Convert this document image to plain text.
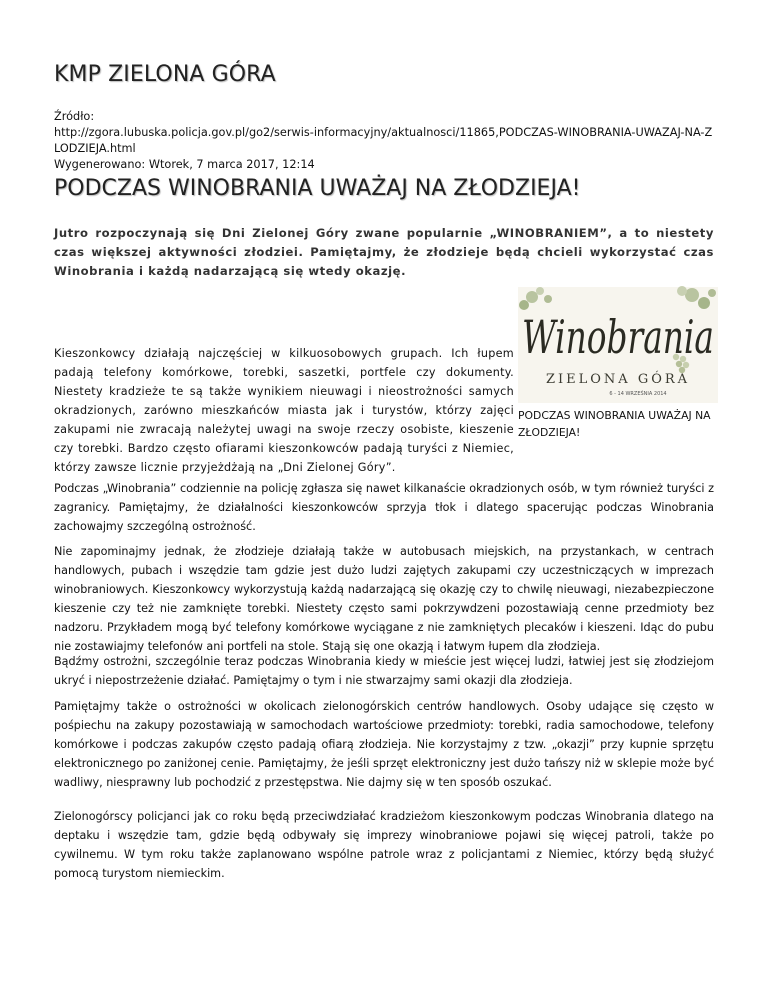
KMP ZIELONA GÓRA
Źródło:
http://zgora.lubuska.policja.gov.pl/go2/serwis-informacyjny/aktualnosci/11865,PODCZAS-WINOBRANIA-UWAZAJ-NA-ZLODZIEJA.html
Wygenerowano: Wtorek, 7 marca 2017, 12:14
PODCZAS WINOBRANIA UWAŻAJ NA ZŁODZIEJA!

Jutro rozpoczynają się Dni Zielonej Góry zwane popularnie „WINOBRANIEM”, a to niestety czas większej aktywności złodziei. Pamiętajmy, że złodzieje będą chcieli wykorzystać czas Winobrania i każdą nadarzającą się wtedy okazję.

Winobrania
ZIELONA GÓRA
6 - 14 WRZEŚNIA 2014
PODCZAS WINOBRANIA UWAŻAJ NA ZŁODZIEJA!

Kieszonkowcy działają najczęściej w kilkuosobowych grupach. Ich łupem padają telefony komórkowe, torebki, saszetki, portfele czy dokumenty. Niestety kradzieże te są także wynikiem nieuwagi i nieostrożności samych okradzionych, zarówno mieszkańców miasta jak i turystów, którzy zajęci zakupami nie zwracają należytej uwagi na swoje rzeczy osobiste, kieszenie czy torebki. Bardzo często ofiarami kieszonkowców padają turyści z Niemiec, którzy zawsze licznie przyjeżdżają na „Dni Zielonej Góry”.

Podczas „Winobrania” codziennie na policję zgłasza się nawet kilkanaście okradzionych osób, w tym również turyści z zagranicy. Pamiętajmy, że działalności kieszonkowców sprzyja tłok i dlatego spacerując podczas Winobrania zachowajmy szczególną ostrożność.

Nie zapominajmy jednak, że złodzieje działają także w autobusach miejskich, na przystankach, w centrach handlowych, pubach i wszędzie tam gdzie jest dużo ludzi zajętych zakupami czy uczestniczących w imprezach winobraniowych. Kieszonkowcy wykorzystują każdą nadarzającą się okazję czy to chwilę nieuwagi, niezabezpieczone kieszenie czy też nie zamknięte torebki. Niestety często sami pokrzywdzeni pozostawiają cenne przedmioty bez nadzoru. Przykładem mogą być telefony komórkowe wyciągane z nie zamkniętych plecaków i kieszeni. Idąc do pubu nie zostawiajmy telefonów ani portfeli na stole. Stają się one okazją i łatwym łupem dla złodzieja.

Bądźmy ostrożni, szczególnie teraz podczas Winobrania kiedy w mieście jest więcej ludzi, łatwiej jest się złodziejom ukryć i niepostrzeżenie działać. Pamiętajmy o tym i nie stwarzajmy sami okazji dla złodzieja.

Pamiętajmy także o ostrożności w okolicach zielonogórskich centrów handlowych. Osoby udające się często w pośpiechu na zakupy pozostawiają w samochodach wartościowe przedmioty: torebki, radia samochodowe, telefony komórkowe i podczas zakupów często padają ofiarą złodzieja. Nie korzystajmy z tzw. „okazji” przy kupnie sprzętu elektronicznego po zaniżonej cenie. Pamiętajmy, że jeśli sprzęt elektroniczny jest dużo tańszy niż w sklepie może być wadliwy, niesprawny lub pochodzić z przestępstwa. Nie dajmy się w ten sposób oszukać.

Zielonogórscy policjanci jak co roku będą przeciwdziałać kradzieżom kieszonkowym podczas Winobrania dlatego na deptaku i wszędzie tam, gdzie będą odbywały się imprezy winobraniowe pojawi się więcej patroli, także po cywilnemu. W tym roku także zaplanowano wspólne patrole wraz z policjantami z Niemiec, którzy będą służyć pomocą turystom niemieckim.
